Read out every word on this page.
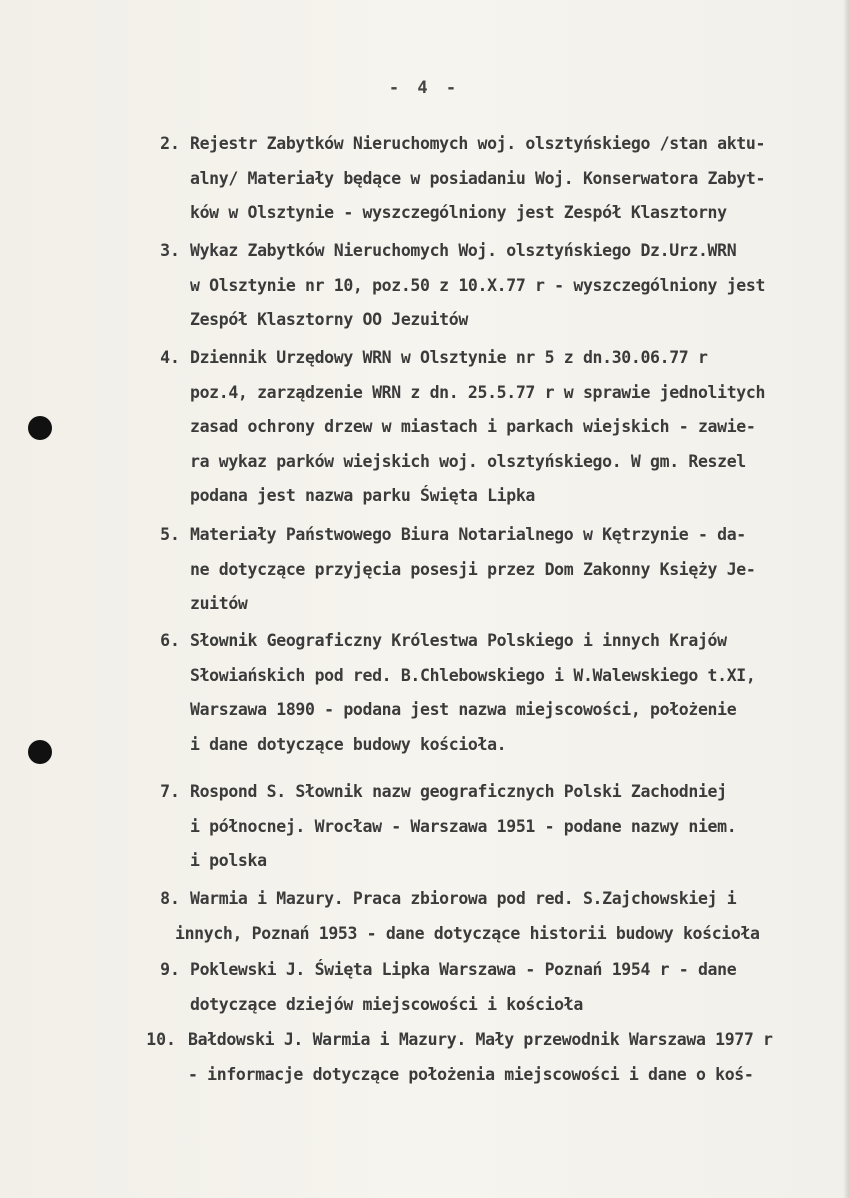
- 4 -
2. Rejestr Zabytków Nieruchomych woj. olsztyńskiego /stan aktu-
alny/ Materiały będące w posiadaniu Woj. Konserwatora Zabyt-
ków w Olsztynie - wyszczególniony jest Zespół Klasztorny
3. Wykaz Zabytków Nieruchomych Woj. olsztyńskiego Dz.Urz.WRN
w Olsztynie nr 10, poz.50 z 10.X.77 r - wyszczególniony jest
Zespół Klasztorny OO Jezuitów
4. Dziennik Urzędowy WRN w Olsztynie nr 5 z dn.30.06.77 r
poz.4, zarządzenie WRN z dn. 25.5.77 r w sprawie jednolitych
zasad ochrony drzew w miastach i parkach wiejskich - zawie-
ra wykaz parków wiejskich woj. olsztyńskiego. W gm. Reszel
podana jest nazwa parku Święta Lipka
5. Materiały Państwowego Biura Notarialnego w Kętrzynie - da-
ne dotyczące przyjęcia posesji przez Dom Zakonny Księży Je-
zuitów
6. Słownik Geograficzny Królestwa Polskiego i innych Krajów
Słowiańskich pod red. B.Chlebowskiego i W.Walewskiego t.XI,
Warszawa 1890 - podana jest nazwa miejscowości, położenie
i dane dotyczące budowy kościoła.
7. Rospond S. Słownik nazw geograficznych Polski Zachodniej
i północnej. Wrocław - Warszawa 1951 - podane nazwy niem.
i polska
8. Warmia i Mazury. Praca zbiorowa pod red. S.Zajchowskiej i
innych, Poznań 1953 - dane dotyczące historii budowy kościoła
9. Poklewski J. Święta Lipka Warszawa - Poznań 1954 r - dane
dotyczące dziejów miejscowości i kościoła
10. Bałdowski J. Warmia i Mazury. Mały przewodnik Warszawa 1977 r
- informacje dotyczące położenia miejscowości i dane o koś-
